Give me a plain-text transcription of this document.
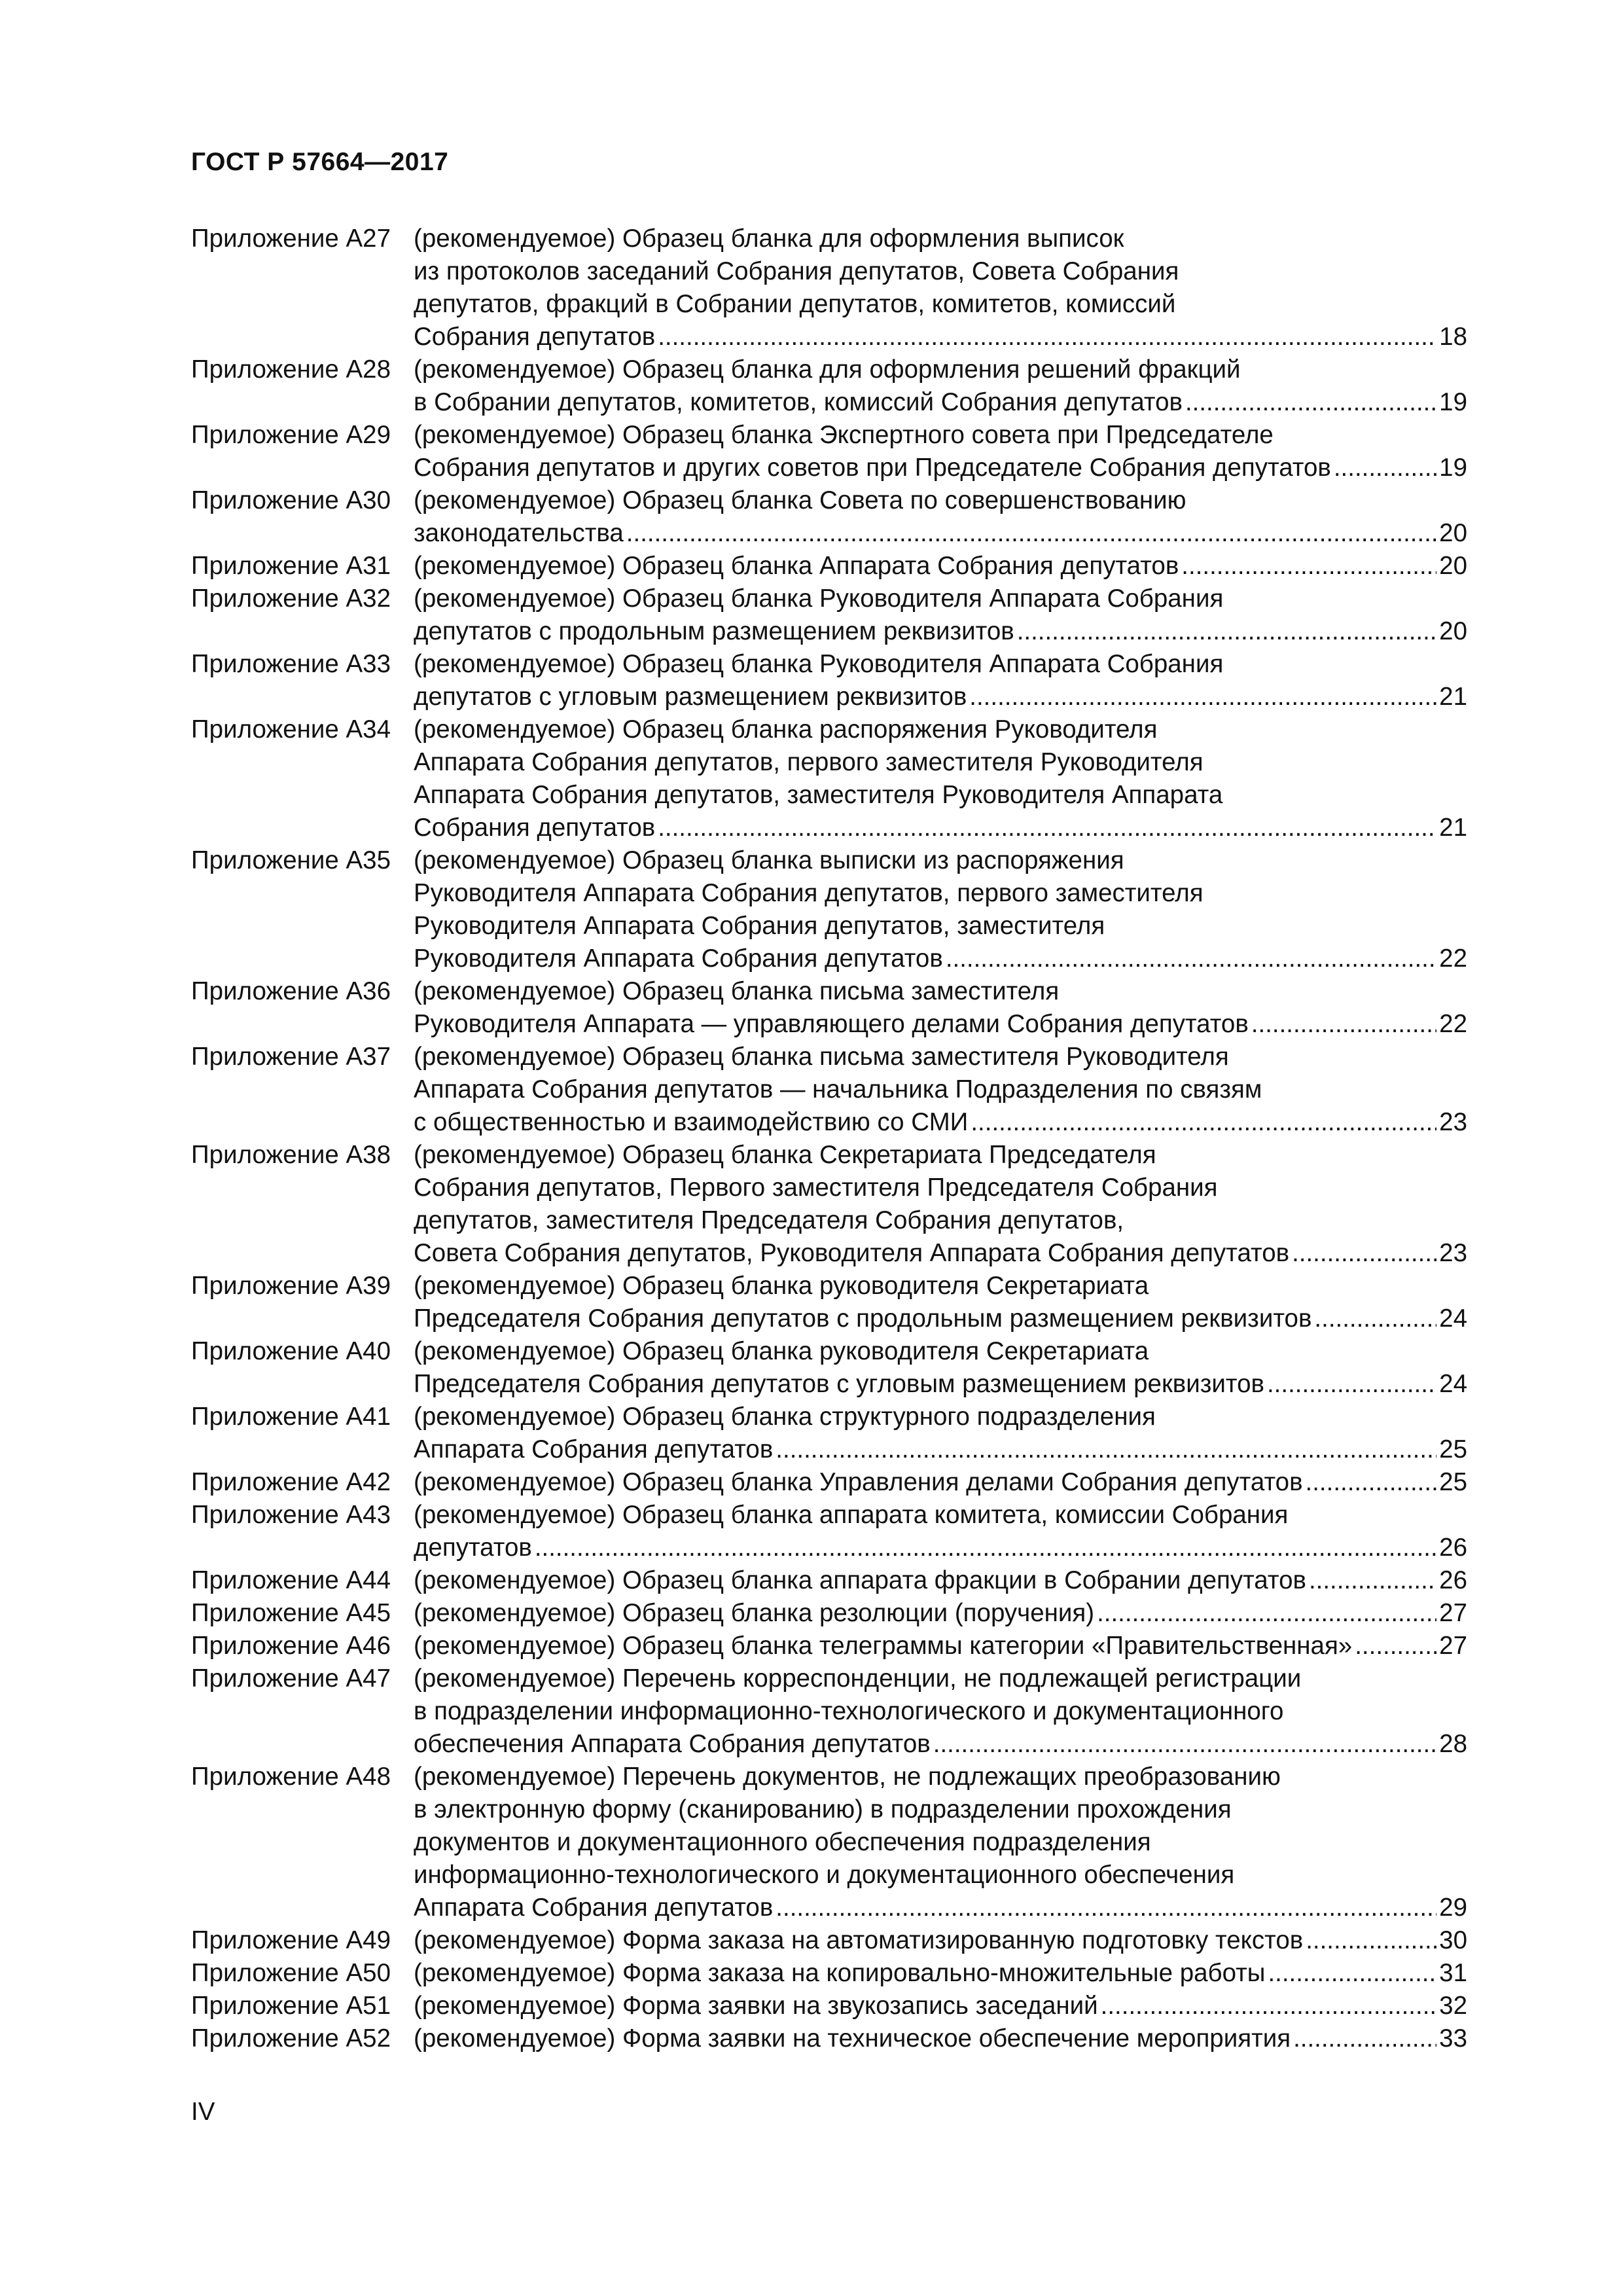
ГОСТ Р 57664—2017
Приложение А27 (рекомендуемое) Образец бланка для оформления выписок
из протоколов заседаний Собрания депутатов, Совета Собрания
депутатов, фракций в Собрании депутатов, комитетов, комиссий
Собрания депутатов .....	18
Приложение А28 (рекомендуемое) Образец бланка для оформления решений фракций
в Собрании депутатов, комитетов, комиссий Собрания депутатов .....	19
Приложение А29 (рекомендуемое) Образец бланка Экспертного совета при Председателе
Собрания депутатов и других советов при Председателе Собрания депутатов .....	19
Приложение А30 (рекомендуемое) Образец бланка Совета по совершенствованию
законодательства .....	20
Приложение А31 (рекомендуемое) Образец бланка Аппарата Собрания депутатов .....	20
Приложение А32 (рекомендуемое) Образец бланка Руководителя Аппарата Собрания
депутатов с продольным размещением реквизитов .....	20
Приложение А33 (рекомендуемое) Образец бланка Руководителя Аппарата Собрания
депутатов с угловым размещением реквизитов .....	21
Приложение А34 (рекомендуемое) Образец бланка распоряжения Руководителя
Аппарата Собрания депутатов, первого заместителя Руководителя
Аппарата Собрания депутатов, заместителя Руководителя Аппарата
Собрания депутатов .....	21
Приложение А35 (рекомендуемое) Образец бланка выписки из распоряжения
Руководителя Аппарата Собрания депутатов, первого заместителя
Руководителя Аппарата Собрания депутатов, заместителя
Руководителя Аппарата Собрания депутатов .....	22
Приложение А36 (рекомендуемое) Образец бланка письма заместителя
Руководителя Аппарата — управляющего делами Собрания депутатов .....	22
Приложение А37 (рекомендуемое) Образец бланка письма заместителя Руководителя
Аппарата Собрания депутатов — начальника Подразделения по связям
с общественностью и взаимодействию со СМИ .....	23
Приложение А38 (рекомендуемое) Образец бланка Секретариата Председателя
Собрания депутатов, Первого заместителя Председателя Собрания
депутатов, заместителя Председателя Собрания депутатов,
Совета Собрания депутатов, Руководителя Аппарата Собрания депутатов .....	23
Приложение А39 (рекомендуемое) Образец бланка руководителя Секретариата
Председателя Собрания депутатов с продольным размещением реквизитов .....	24
Приложение А40 (рекомендуемое) Образец бланка руководителя Секретариата
Председателя Собрания депутатов с угловым размещением реквизитов .....	24
Приложение А41 (рекомендуемое) Образец бланка структурного подразделения
Аппарата Собрания депутатов .....	25
Приложение А42 (рекомендуемое) Образец бланка Управления делами Собрания депутатов .....	25
Приложение А43 (рекомендуемое) Образец бланка аппарата комитета, комиссии Собрания
депутатов .....	26
Приложение А44 (рекомендуемое) Образец бланка аппарата фракции в Собрании депутатов .....	26
Приложение А45 (рекомендуемое) Образец бланка резолюции (поручения) .....	27
Приложение А46 (рекомендуемое) Образец бланка телеграммы категории «Правительственная» .....	27
Приложение А47 (рекомендуемое) Перечень корреспонденции, не подлежащей регистрации
в подразделении информационно-технологического и документационного
обеспечения Аппарата Собрания депутатов .....	28
Приложение А48 (рекомендуемое) Перечень документов, не подлежащих преобразованию
в электронную форму (сканированию) в подразделении прохождения
документов и документационного обеспечения подразделения
информационно-технологического и документационного обеспечения
Аппарата Собрания депутатов .....	29
Приложение А49 (рекомендуемое) Форма заказа на автоматизированную подготовку текстов .....	30
Приложение А50 (рекомендуемое) Форма заказа на копировально-множительные работы .....	31
Приложение А51 (рекомендуемое) Форма заявки на звукозапись заседаний .....	32
Приложение А52 (рекомендуемое) Форма заявки на техническое обеспечение мероприятия .....	33
IV
